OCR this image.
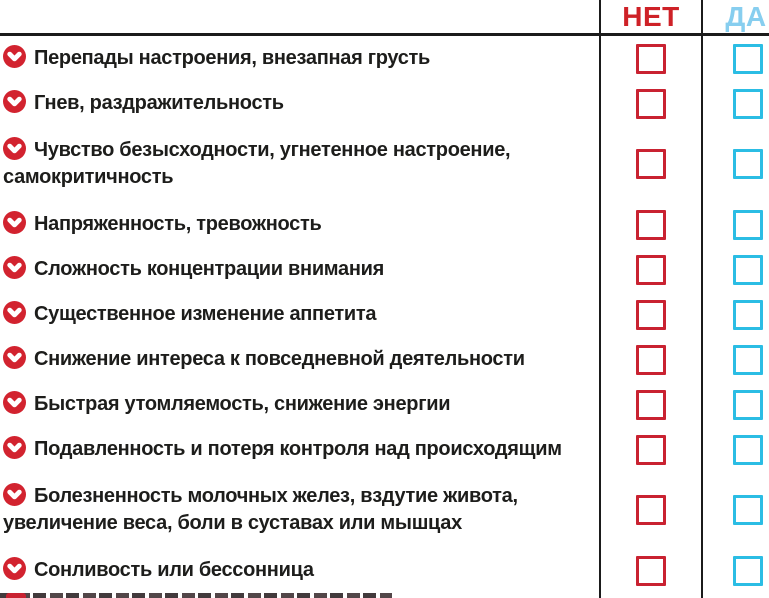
НЕТ	ДА
Перепады настроения, внезапная грусть
Гнев, раздражительность
Чувство безысходности, угнетенное настроение, самокритичность
Напряженность, тревожность
Сложность концентрации внимания
Существенное изменение аппетита
Снижение интереса к повседневной деятельности
Быстрая утомляемость, снижение энергии
Подавленность и потеря контроля над происходящим
Болезненность молочных желез, вздутие живота, увеличение веса, боли в суставах или мышцах
Сонливость или бессонница
